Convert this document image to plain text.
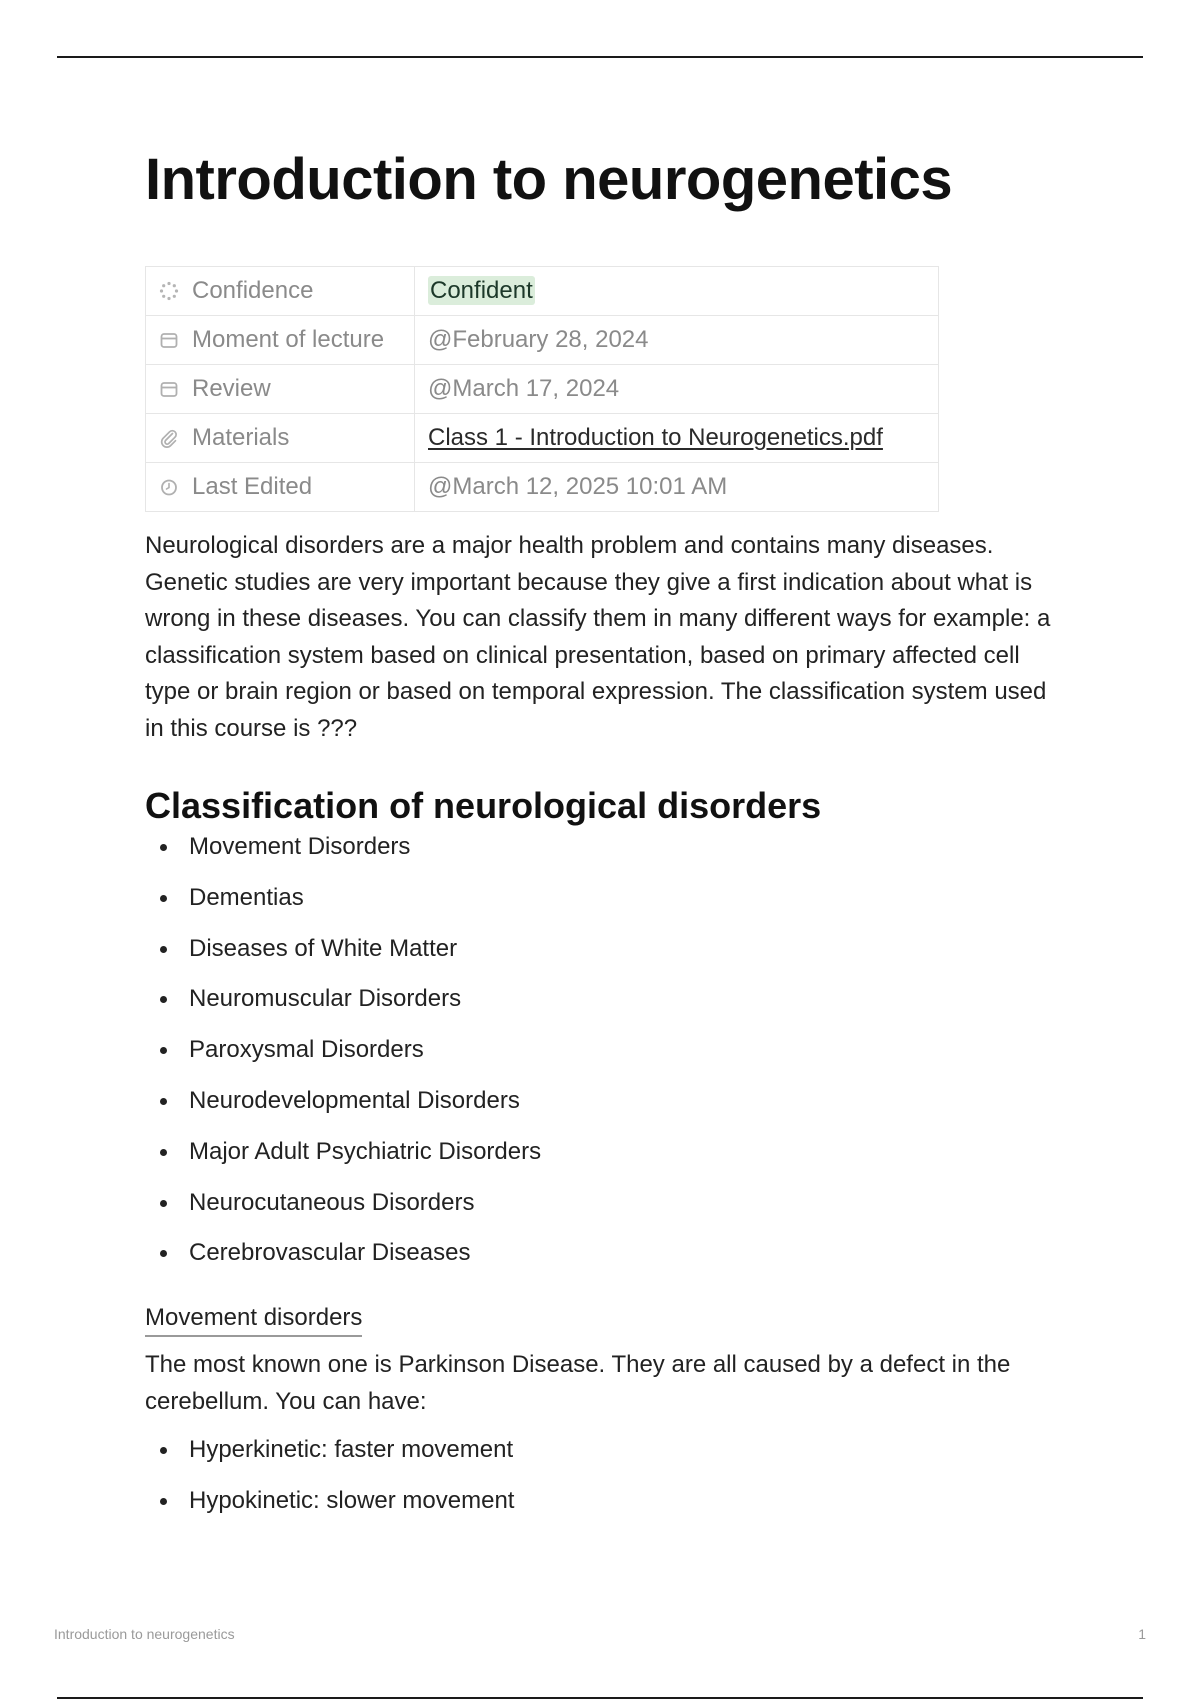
Introduction to neurogenetics
Confidence	Confident

Moment of lecture	@February 28, 2024

Review	@March 17, 2024

Materials	Class 1 - Introduction to Neurogenetics.pdf

Last Edited	@March 12, 2025 10:01 AM

Neurological disorders are a major health problem and contains many diseases. Genetic studies are very important because they give a first indication about what is wrong in these diseases. You can classify them in many different ways for example: a classification system based on clinical presentation, based on primary affected cell type or brain region or based on temporal expression. The classification system used in this course is ???

Classification of neurological disorders
Movement Disorders
Dementias
Diseases of White Matter
Neuromuscular Disorders
Paroxysmal Disorders
Neurodevelopmental Disorders
Major Adult Psychiatric Disorders
Neurocutaneous Disorders
Cerebrovascular Diseases
Movement disorders

The most known one is Parkinson Disease. They are all caused by a defect in the cerebellum. You can have:

Hyperkinetic: faster movement
Hypokinetic: slower movement
Introduction to neurogenetics	1
